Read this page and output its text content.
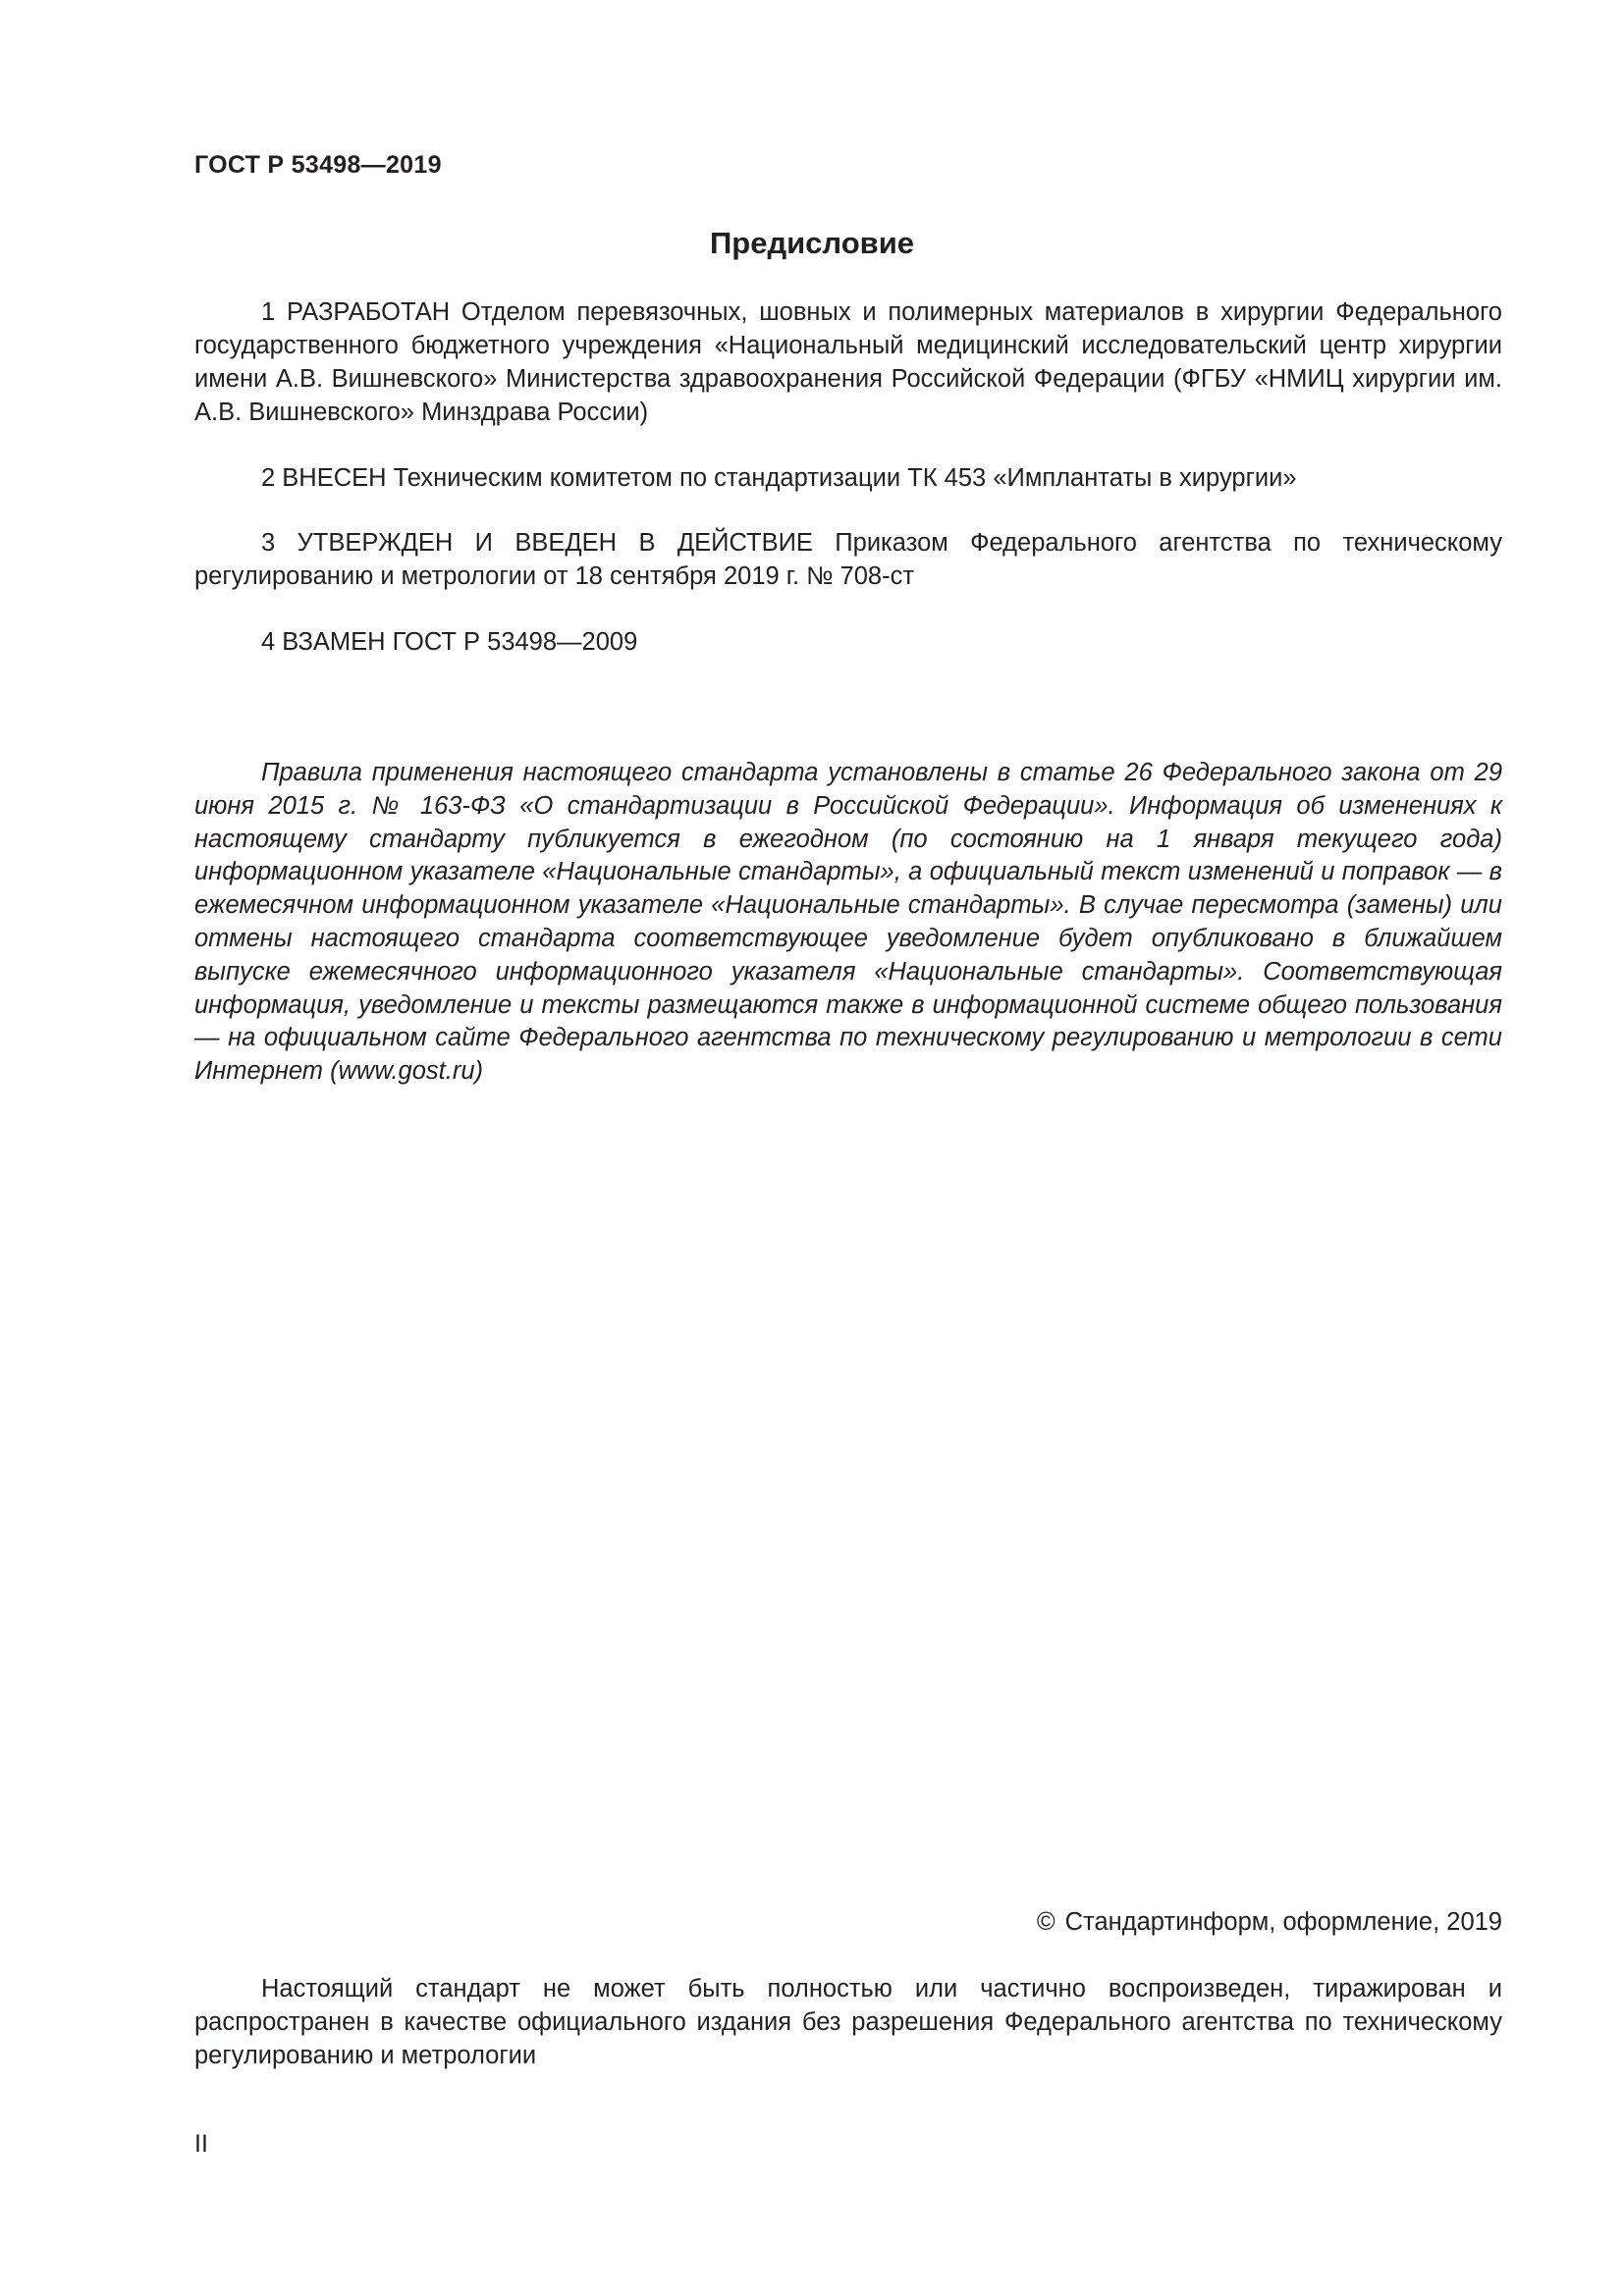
ГОСТ Р 53498—2019

Предисловие

1 РАЗРАБОТАН Отделом перевязочных, шовных и полимерных материалов в хирургии Федерального государственного бюджетного учреждения «Национальный медицинский исследовательский центр хирургии имени А.В. Вишневского» Министерства здравоохранения Российской Федерации (ФГБУ «НМИЦ хирургии им. А.В. Вишневского» Минздрава России)

2 ВНЕСЕН Техническим комитетом по стандартизации ТК 453 «Имплантаты в хирургии»

3 УТВЕРЖДЕН И ВВЕДЕН В ДЕЙСТВИЕ Приказом Федерального агентства по техническому регулированию и метрологии от 18 сентября 2019 г. № 708-ст

4 ВЗАМЕН ГОСТ Р 53498—2009

Правила применения настоящего стандарта установлены в статье 26 Федерального закона от 29 июня 2015 г. № 163-ФЗ «О стандартизации в Российской Федерации». Информация об изменениях к настоящему стандарту публикуется в ежегодном (по состоянию на 1 января текущего года) информационном указателе «Национальные стандарты», а официальный текст изменений и поправок — в ежемесячном информационном указателе «Национальные стандарты». В случае пересмотра (замены) или отмены настоящего стандарта соответствующее уведомление будет опубликовано в ближайшем выпуске ежемесячного информационного указателя «Национальные стандарты». Соответствующая информация, уведомление и тексты размещаются также в информационной системе общего пользования — на официальном сайте Федерального агентства по техническому регулированию и метрологии в сети Интернет (www.gost.ru)

© Стандартинформ, оформление, 2019

Настоящий стандарт не может быть полностью или частично воспроизведен, тиражирован и распространен в качестве официального издания без разрешения Федерального агентства по техническому регулированию и метрологии

II
